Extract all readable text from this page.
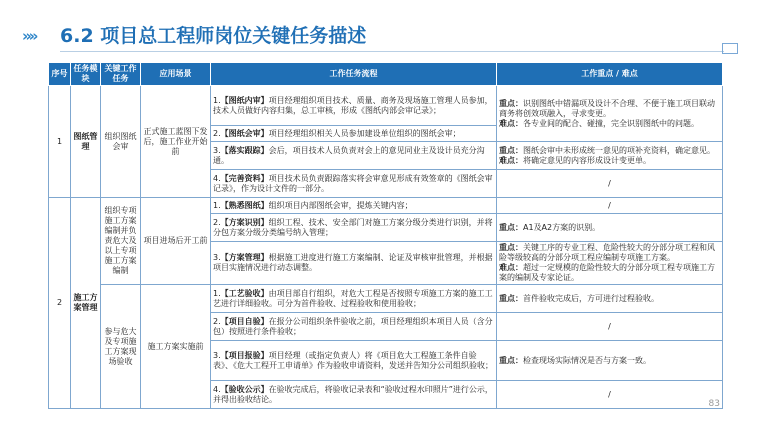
»» 6.2 项目总工程师岗位关键任务描述
序号	任务模块	关键工作任务	应用场景	工作任务流程	工作重点 / 难点
1	图纸管理	组织图纸会审	正式施工蓝图下发后，施工作业开始前	1.【图纸内审】项目经理组织项目技术、质量、商务及现场施工管理人员参加，技术人员做好内容归集，总工审核，形成《图纸内部会审记录》；	重点：识别图纸中错漏项及设计不合理、不便于施工项目联动商务将创效项融入，寻求变更。
难点：各专业间的配合、碰撞，完全识别图纸中的问题。

				2.【图纸会审】项目经理组织相关人员参加建设单位组织的图纸会审；	
				3.【落实跟踪】会后，项目技术人员负责对会上的意见同业主及设计员充分沟通。	重点：图纸会审中未形成统一意见的项补充资料，确定意见。
难点：将确定意见的内容形成设计变更单。

				4.【完善资料】项目技术员负责跟踪落实将会审意见形成有效签章的《图纸会审记录》，作为设计文件的一部分。	/
2	施工方案管理	组织专项施工方案编制并负责危大及以上专项施工方案编制	项目进场后开工前	1.【熟悉图纸】组织项目内部图纸会审，提炼关键内容；	/
				2.【方案识别】组织工程、技术、安全部门对施工方案分级分类进行识别，并将分包方案分级分类编号纳入管理；	重点：A1及A2方案的识别。
				3.【方案管理】根据施工进度进行施工方案编制、论证及审核审批管理，并根据项目实施情况进行动态调整。	重点：关键工序的专业工程、危险性较大的分部分项工程和风险等级较高的分部分项工程应编制专项施工方案。
难点：超过一定规模的危险性较大的分部分项工程专项施工方案的编制及专家论证。

		参与危大及专项施工方案现场验收	施工方案实施前	1.【工艺验收】由项目部自行组织，对危大工程是否按照专项施工方案的施工工艺进行详细验收。可分为首件验收、过程验收和使用验收；	重点：首件验收完成后，方可进行过程验收。
				2.【项目自验】在报分公司组织条件验收之前，项目经理组织本项目人员（含分包）按照进行条件验收；	/
				3.【项目报验】项目经理（或指定负责人）将《项目危大工程施工条件自验表》、《危大工程开工申请单》作为验收申请资料，发送并告知分公司组织验收；	重点：检查现场实际情况是否与方案一致。
				4.【验收公示】在验收完成后，将验收记录表和“验收过程水印照片”进行公示，并得出验收结论。	/
83
